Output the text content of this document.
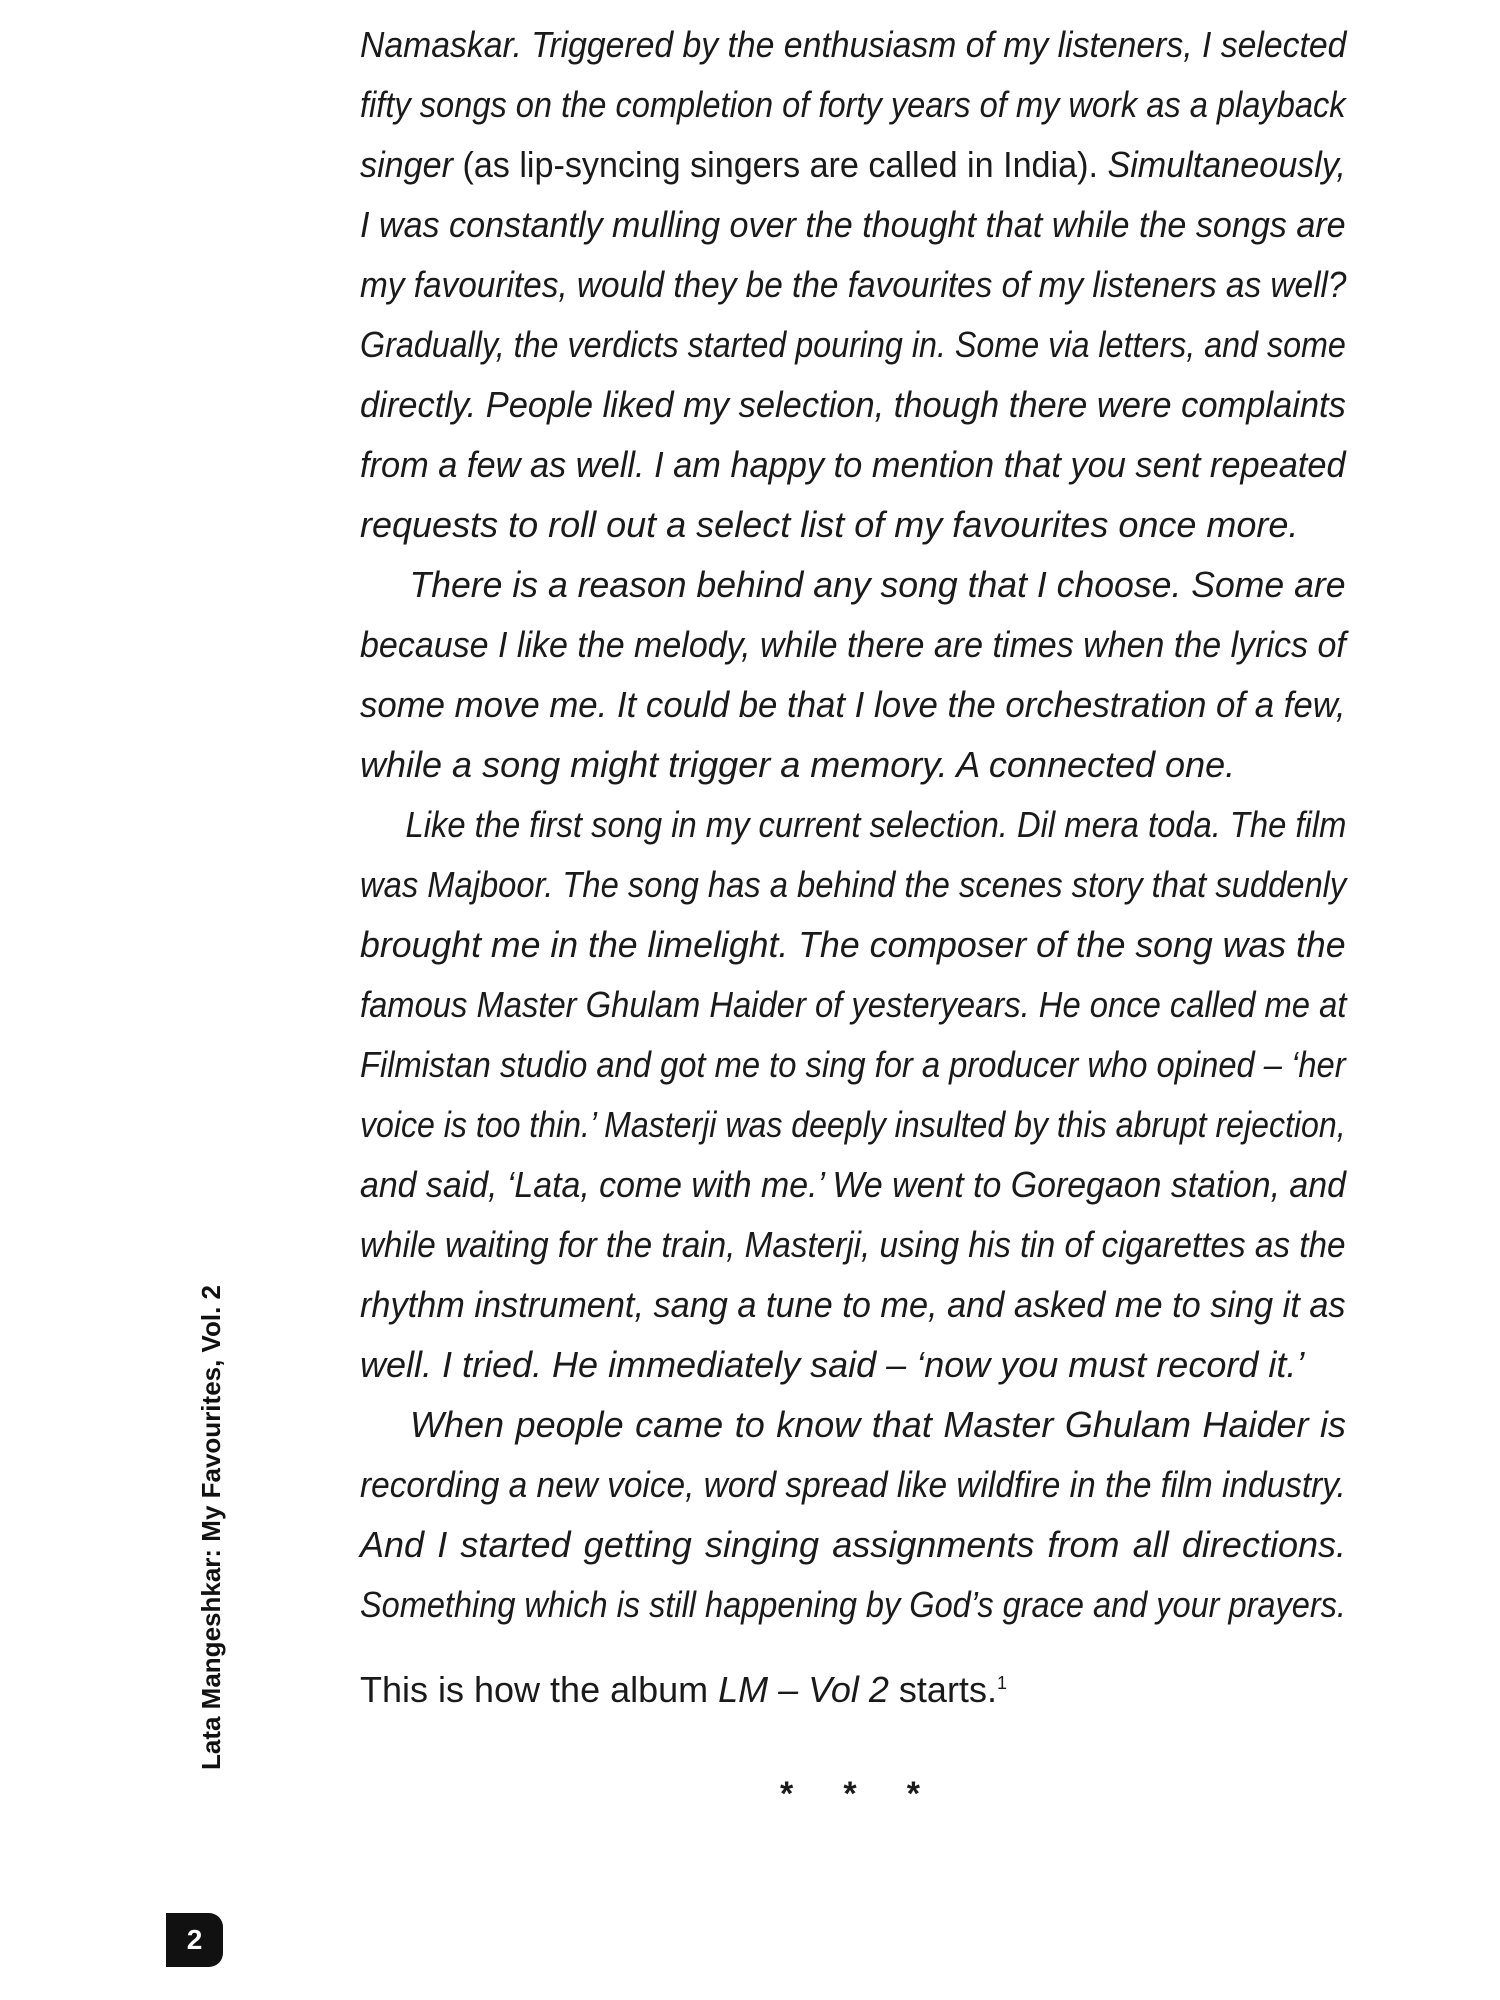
Namaskar. Triggered by the enthusiasm of my listeners, I selected
fifty songs on the completion of forty years of my work as a playback
singer (as lip-syncing singers are called in India). Simultaneously,
I was constantly mulling over the thought that while the songs are
my favourites, would they be the favourites of my listeners as well?
Gradually, the verdicts started pouring in. Some via letters, and some
directly. People liked my selection, though there were complaints
from a few as well. I am happy to mention that you sent repeated
requests to roll out a select list of my favourites once more.
There is a reason behind any song that I choose. Some are
because I like the melody, while there are times when the lyrics of
some move me. It could be that I love the orchestration of a few,
while a song might trigger a memory. A connected one.
Like the first song in my current selection. Dil mera toda. The film
was Majboor. The song has a behind the scenes story that suddenly
brought me in the limelight. The composer of the song was the
famous Master Ghulam Haider of yesteryears. He once called me at
Filmistan studio and got me to sing for a producer who opined – ‘her
voice is too thin.’ Masterji was deeply insulted by this abrupt rejection,
and said, ‘Lata, come with me.’ We went to Goregaon station, and
while waiting for the train, Masterji, using his tin of cigarettes as the
rhythm instrument, sang a tune to me, and asked me to sing it as
well. I tried. He immediately said – ‘now you must record it.’
When people came to know that Master Ghulam Haider is
recording a new voice, word spread like wildfire in the film industry.
And I started getting singing assignments from all directions.
Something which is still happening by God’s grace and your prayers.
This is how the album LM – Vol 2 starts.$^1$
* * *
Lata Mangeshkar: My Favourites, Vol. 2
2
